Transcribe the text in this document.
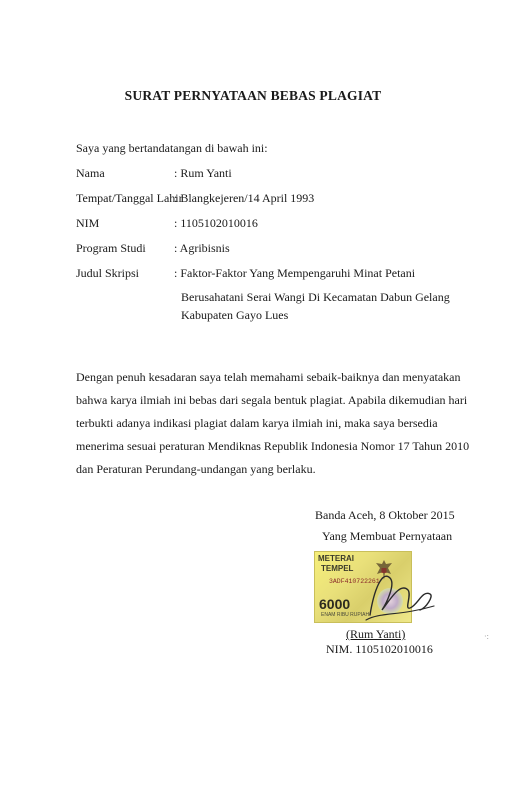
SURAT PERNYATAAN BEBAS PLAGIAT
Saya yang bertandatangan di bawah ini:
Nama	: Rum Yanti
Tempat/Tanggal Lahir
: Blangkejeren/14 April 1993
NIM	: 1105102010016
Program Studi : Agribisnis
Judul Skripsi	: Faktor-Faktor Yang Mempengaruhi Minat Petani
Berusahatani Serai Wangi Di Kecamatan Dabun Gelang
Kabupaten Gayo Lues
Dengan penuh kesadaran saya telah memahami sebaik-baiknya dan menyatakan
bahwa karya ilmiah ini bebas dari segala bentuk plagiat. Apabila dikemudian hari
terbukti adanya indikasi plagiat dalam karya ilmiah ini, maka saya bersedia
menerima sesuai peraturan Mendiknas Republik Indonesia Nomor 17 Tahun 2010
dan Peraturan Perundang-undangan yang berlaku.
Banda Aceh, 8 Oktober 2015
Yang Membuat Pernyataan
METERAI
TEMPEL
3ADF410722261
6000
ENAM RIBU RUPIAH
(Rum Yanti)
NIM. 1105102010016
·:
